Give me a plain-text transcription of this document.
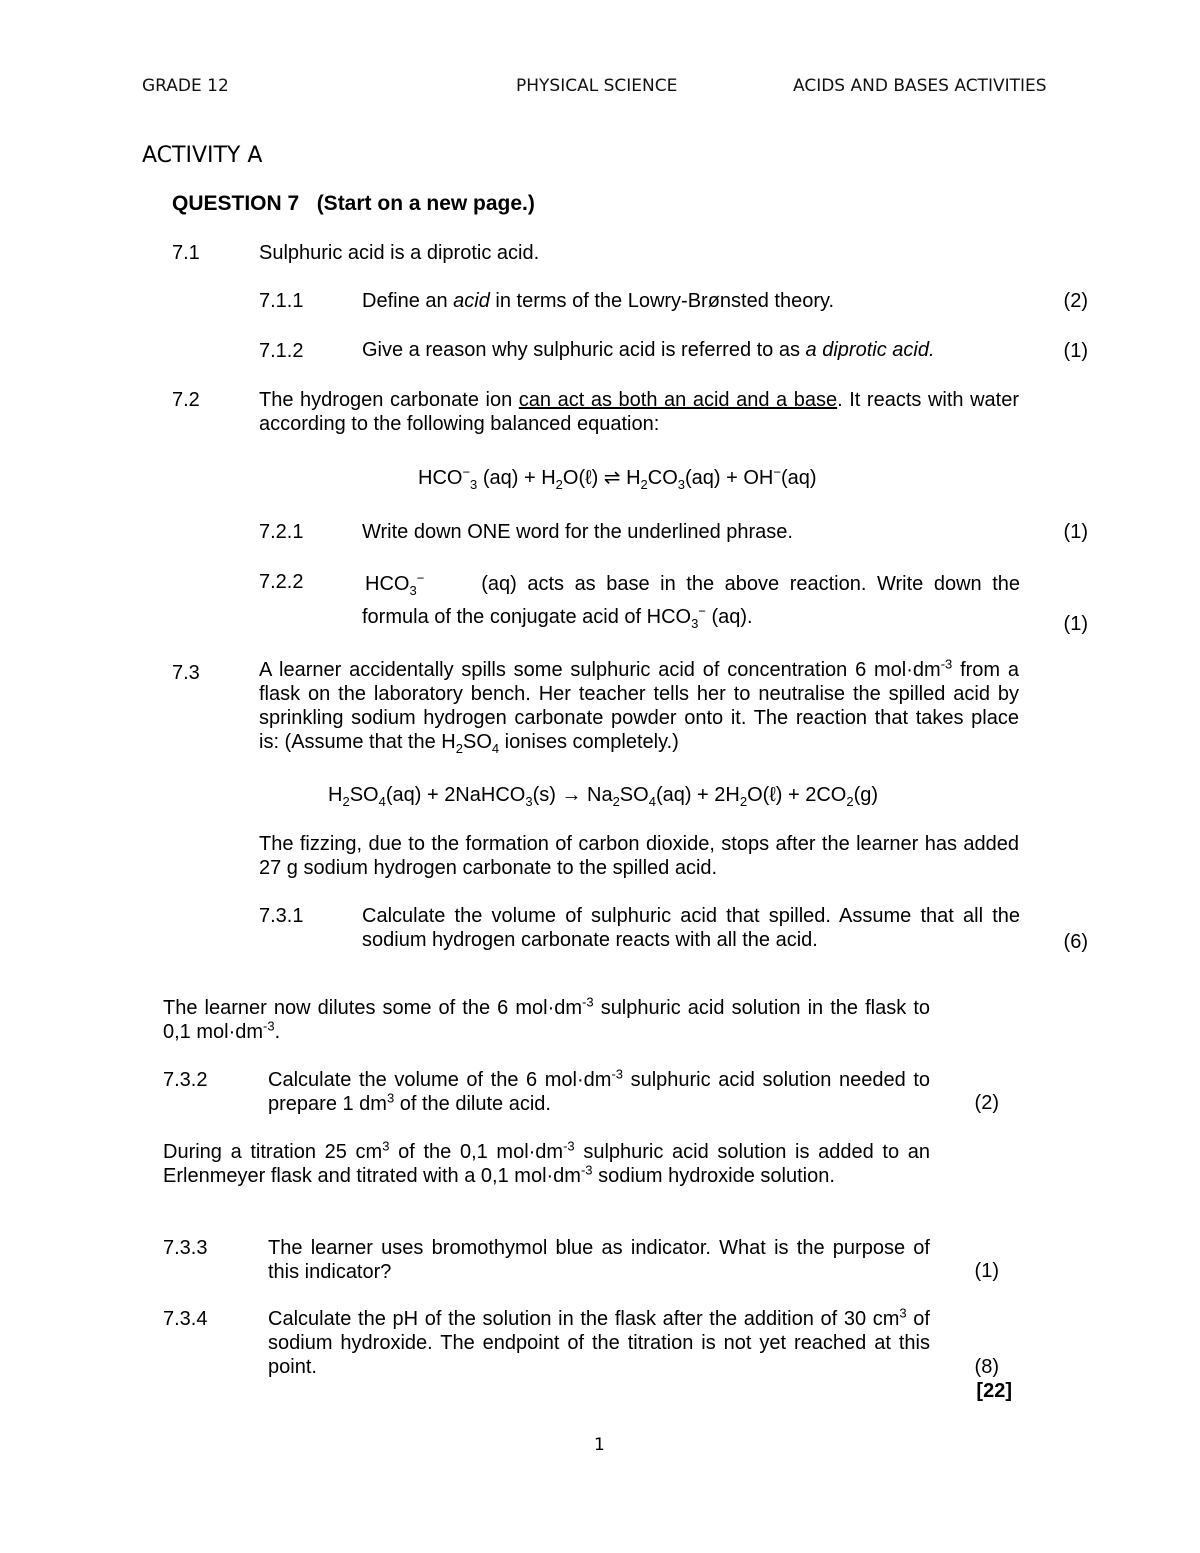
GRADE 12	PHYSICAL SCIENCE	ACIDS AND BASES ACTIVITIES
ACTIVITY A
QUESTION 7   (Start on a new page.)
7.1	Sulphuric acid is a diprotic acid.
7.1.1	Define an acid in terms of the Lowry-Brønsted theory.	(2)
7.1.2	Give a reason why sulphuric acid is referred to as a diprotic acid.	(1)
7.2	The hydrogen carbonate ion can act as both an acid and a base. It reacts with water according to the following balanced equation:
$HCO^-_3$ $(aq) + H_2O(\ell)$ ⇌ $H_2CO_3(aq) + OH^-(aq)$
7.2.1	Write down ONE word for the underlined phrase.	(1)
7.2.2	$HCO_3^-$	(aq) acts as base in the above reaction. Write down the
formula of the conjugate acid of $HCO_3^-$ (aq).	(1)
7.3	A learner accidentally spills some sulphuric acid of concentration 6 $mol\cdot dm^{-3}$ from a flask on the laboratory bench. Her teacher tells her to neutralise the spilled acid by sprinkling sodium hydrogen carbonate powder onto it. The reaction that takes place is: (Assume that the $H_2SO_4$ ionises completely.)
$H_2SO_4(aq)$ + 2NaHCO$_3$(s) → $Na_2SO_4(aq)$ + $2H_2O(\ell) + 2CO_2(g)$
The fizzing, due to the formation of carbon dioxide, stops after the learner has added 27 g sodium hydrogen carbonate to the spilled acid.
7.3.1	Calculate the volume of sulphuric acid that spilled. Assume that all the sodium hydrogen carbonate reacts with all the acid.	(6)
The learner now dilutes some of the 6 $mol\cdot dm^{-3}$ sulphuric acid solution in the flask to 0,1 $mol\cdot dm^{-3}$.
7.3.2	Calculate the volume of the 6 $mol\cdot dm^{-3}$ sulphuric acid solution needed to prepare 1 $dm^3$ of the dilute acid.	(2)
During a titration 25 $cm^3$ of the 0,1 $mol\cdot dm^{-3}$ sulphuric acid solution is added to an Erlenmeyer flask and titrated with a 0,1 $mol\cdot dm^{-3}$ sodium hydroxide solution.
7.3.3	The learner uses bromothymol blue as indicator. What is the purpose of this indicator?	(1)
7.3.4	Calculate the pH of the solution in the flask after the addition of 30 $cm^3$ of sodium hydroxide. The endpoint of the titration is not yet reached at this point.	(8)
[22]
1
